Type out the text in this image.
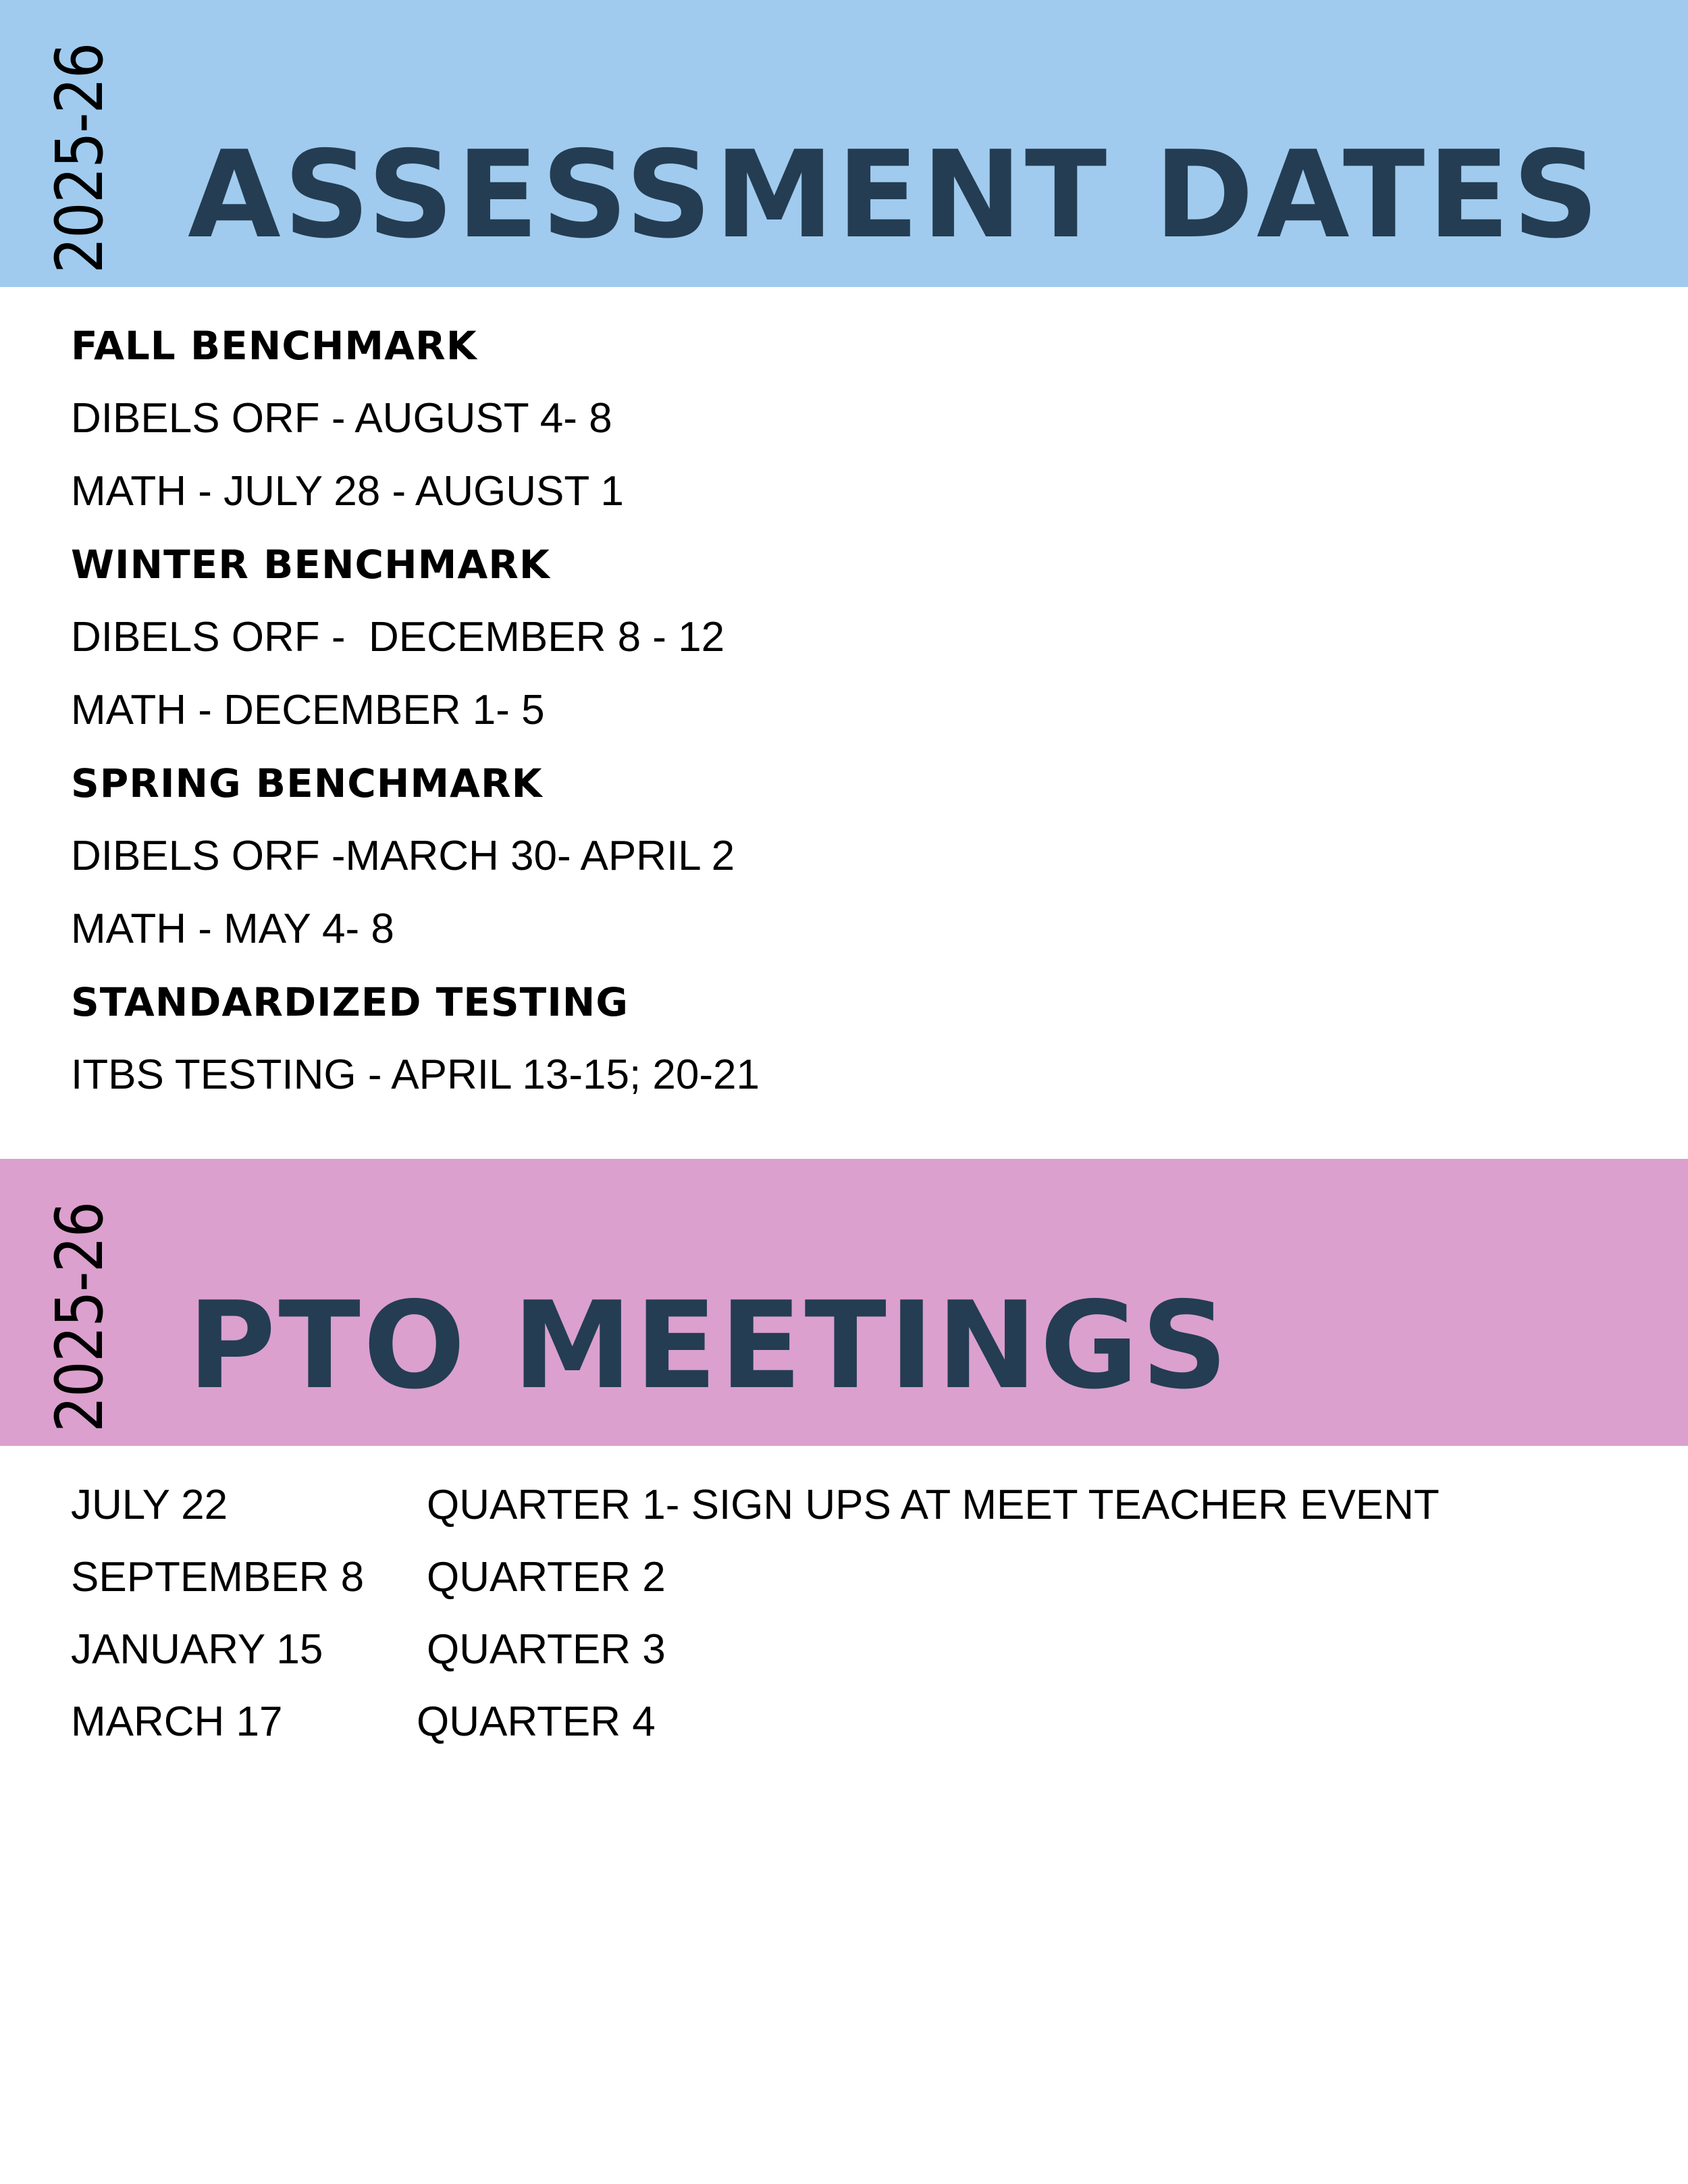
2025-26 ASSESSMENT DATES
FALL BENCHMARK
DIBELS ORF - AUGUST 4- 8
MATH - JULY 28 - AUGUST 1
WINTER BENCHMARK
DIBELS ORF -  DECEMBER 8 - 12
MATH - DECEMBER 1- 5
SPRING BENCHMARK
DIBELS ORF -MARCH 30- APRIL 2
MATH - MAY 4- 8
STANDARDIZED TESTING
ITBS TESTING - APRIL 13-15; 20-21
2025-26 PTO MEETINGS
JULY 22	QUARTER 1- SIGN UPS AT MEET TEACHER EVENT
SEPTEMBER 8 QUARTER 2
JANUARY 15 QUARTER 3
MARCH 17	QUARTER 4
